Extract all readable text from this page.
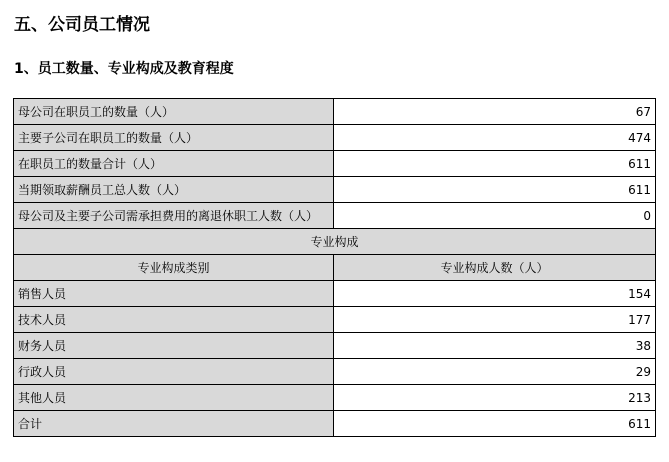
五、公司员工情况
1、员工数量、专业构成及教育程度
母公司在职员工的数量（人）	67
主要子公司在职员工的数量（人）	474
在职员工的数量合计（人）	611
当期领取薪酬员工总人数（人）	611
母公司及主要子公司需承担费用的离退休职工人数（人）	0
专业构成	
专业构成类别	专业构成人数（人）
销售人员	154
技术人员	177
财务人员	38
行政人员	29
其他人员	213
合计	611
